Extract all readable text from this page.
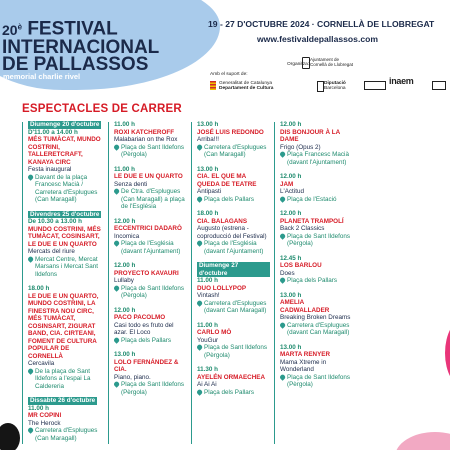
$20^è$ FESTIVAL
INTERNACIONAL
DE PALLASSOS
memorial charlie rivel
19 - 27 D'OCTUBRE 2024 · CORNELLÀ DE LLOBREGAT
www.festivaldepallassos.com
Organitza:
Ajuntament de
Cornellà de Llobregat
Amb el suport de:
Generalitat de Catalunya
Departament de Cultura
Diputació
Barcelona
inaem
ESPECTACLES DE CARRER
Diumenge 20 d'octubre
D'11.00 a 14.00 h
MÉS TUMÀCAT, MUNDO COSTRINI, TALLERETCRAFT, KANAYA CIRC
Festa inaugural
Davant de la plaça Francesc Macià / Carretera d'Esplugues (Can Maragall)
Divendres 25 d'octubre
De 10.30 a 13.00 h
MUNDO COSTRINI, MÉS TUMÀCAT, COSINSART, LE DUE E UN QUARTO
Mercats del riure
Mercat Centre, Mercat Marsans i Mercat Sant Ildefons
18.00 h
LE DUE E UN QUARTO, MUNDO COSTRINI, LA FINESTRA NOU CIRC, MÉS TUMÀCAT, COSINSART, ZIGURAT BAND, CIA. CIRTEANI, FOMENT DE CULTURA POPULAR DE CORNELLÀ
Cercavila
De la plaça de Sant Ildefons a l'espai La Caldereria
Dissabte 26 d'octubre
11.00 h
MR COPINI
The Herock
Carretera d'Esplugues (Can Maragall)
11.00 h
ROXI KATCHEROFF
Malabarian on the Rox
Plaça de Sant Ildefons (Pèrgola)
11.00 h
LE DUE E UN QUARTO
Senza denti
De Ctra. d'Esplugues (Can Maragall) a plaça de l'Església
12.00 h
ECCENTRICI DADARÒ
Incomica
Plaça de l'Església (davant l'Ajuntament)
12.00 h
PROYECTO KAVAURI
Lullaby
Plaça de Sant Ildefons (Pèrgola)
12.00 h
PACO PACOLMO
Casi todo es fruto del azar. El Loco
Plaça dels Pallars
13.00 h
LOLO FERNÁNDEZ & CIA.
Piano, piano.
Plaça de Sant Ildefons (Pèrgola)
13.00 h
JOSÉ LUIS REDONDO
Arriba!!!
Carretera d'Esplugues (Can Maragall)
13.00 h
CIA. EL QUE MA QUEDA DE TEATRE
Antipasti
Plaça dels Pallars
18.00 h
CIA. BALAGANS
Augusto (estrena - coproducció del Festival)
Plaça de l'Església (davant l'Ajuntament)
Diumenge 27 d'octubre
11.00 h
DUO LOLLYPOP
Vintash!
Carretera d'Esplugues (davant Can Maragall)
11.00 h
CARLO MÒ
YouGur
Plaça de Sant Ildefons (Pèrgola)
11.30 h
AYELÉN ORMAECHEA
Ai Ai Ai
Plaça dels Pallars
12.00 h
DIS BONJOUR À LA DAME
Frigo (Opus 2)
Plaça Francesc Macià (davant l'Ajuntament)
12.00 h
JAM
L'Actitud
Plaça de l'Estació
12.00 h
PLANETA TRAMPOLÍ
Back 2 Classics
Plaça de Sant Ildefons (Pèrgola)
12.45 h
LOS BARLOU
Does
Plaça dels Pallars
13.00 h
AMELIA CADWALLADER
Breaking Broken Dreams
Carretera d'Esplugues (davant Can Maragall)
13.00 h
MARTA RENYER
Mama Xtreme in Wonderland
Plaça de Sant Ildefons (Pèrgola)
